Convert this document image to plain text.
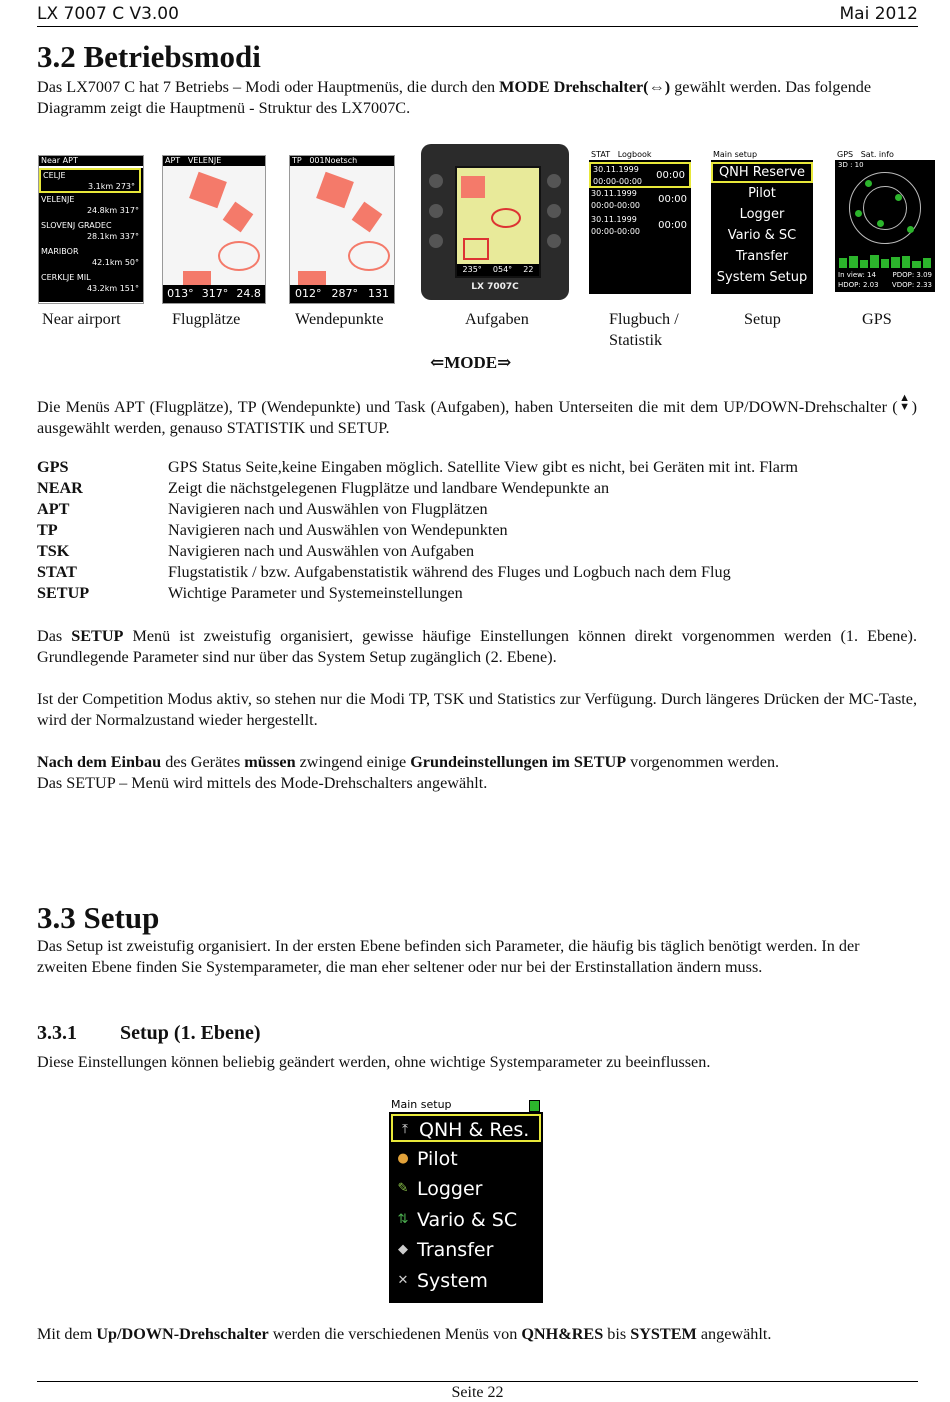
LX 7007 C V3.00	Mai 2012
3.2 Betriebsmodi

Das LX7007 C hat 7 Betriebs – Modi oder Hauptmenüs, die durch den MODE Drehschalter(⇔) gewählt werden. Das folgende Diagramm zeigt die Hauptmenü - Struktur des LX7007C.

Near APT
CELJE
3.1km 273°
VELENJE
24.8km 317°
SLOVENJ GRADEC
28.1km 337°
MARIBOR
42.1km 50°
CERKLJE MIL
43.2km 151°
APT   VELENJE
013° 317° 24.8
TP   001Noetsch
012° 287° 131
235° 054° 22
LX 7007C
STAT   Logbook
30.11.1999
00:00-00:00
00:00
30.11.1999
00:00-00:00
00:00
30.11.1999
00:00-00:00
00:00
Main setup
QNH Reserve
Pilot
Logger
Vario & SC
Transfer
System Setup
GPS   Sat. info
3D : 10
In view: 14 PDOP: 3.09
HDOP: 2.03 VDOP: 2.33
Near airport	Flugplätze	Wendepunkte	Aufgaben	Flugbuch / Statistik
Setup	GPS
⇐MODE⇒

Die Menüs APT (Flugplätze), TP (Wendepunkte) und Task (Aufgaben), haben Unterseiten die mit dem UP/DOWN-Drehschalter ( ▲
▼) ausgewählt werden, genauso STATISTIK und SETUP.

GPS	GPS Status Seite,keine Eingaben möglich. Satellite View gibt es nicht, bei Geräten mit int. Flarm
NEAR	Zeigt die nächstgelegenen Flugplätze und landbare Wendepunkte an
APT	Navigieren nach und Auswählen von Flugplätzen
TP	Navigieren nach und Auswählen von Wendepunkten
TSK	Navigieren nach und Auswählen von Aufgaben
STAT	Flugstatistik / bzw. Aufgabenstatistik während des Fluges und Logbuch nach dem Flug
SETUP	Wichtige Parameter und Systemeinstellungen

Das SETUP Menü ist zweistufig organisiert, gewisse häufige Einstellungen können direkt vorgenommen werden (1. Ebene). Grundlegende Parameter sind nur über das System Setup zugänglich (2. Ebene).

Ist der Competition Modus aktiv, so stehen nur die Modi TP, TSK und Statistics zur Verfügung. Durch längeres Drücken der MC-Taste, wird der Normalzustand wieder hergestellt.

Nach dem Einbau des Gerätes müssen zwingend einige Grundeinstellungen im SETUP vorgenommen werden.
Das SETUP – Menü wird mittels des Mode-Drehschalters angewählt.

3.3 Setup

Das Setup ist zweistufig organisiert. In der ersten Ebene befinden sich Parameter, die häufig bis täglich benötigt werden. In der zweiten Ebene finden Sie Systemparameter, die man eher seltener oder nur bei der Erstinstallation ändern muss.

3.3.1 Setup (1. Ebene)

Diese Einstellungen können beliebig geändert werden, ohne wichtige Systemparameter zu beeinflussen.

Main setup
⤒ QNH & Res.
● Pilot
✎ Logger
⇅ Vario & SC
◆ Transfer
✕ System

Mit dem Up/DOWN-Drehschalter werden die verschiedenen Menüs von QNH&RES bis SYSTEM angewählt.

Seite 22
